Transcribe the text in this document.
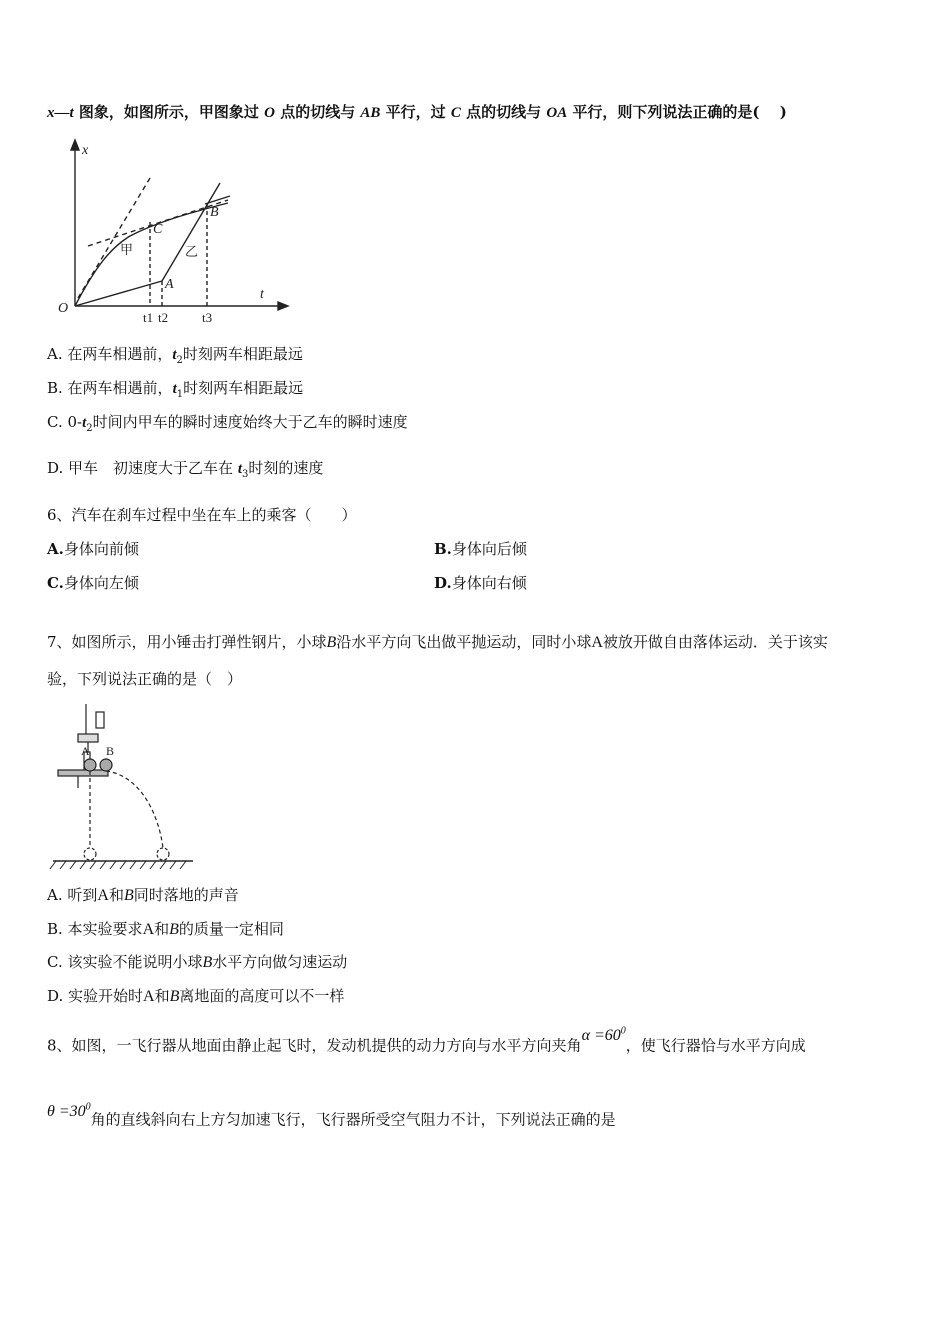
x—t 图象，如图所示，甲图象过 O 点的切线与 AB 平行，过 C 点的切线与 OA 平行，则下列说法正确的是(　 )
x
t
O
A
B
C
甲	乙
t1 t2	t3
A. 在两车相遇前，$t_2$时刻两车相距最远
B. 在两车相遇前，$t_1$时刻两车相距最远
C. $0-t_2$时间内甲车的瞬时速度始终大于乙车的瞬时速度
D. 甲车　初速度大于乙车在 $t_3$时刻的速度
6、汽车在刹车过程中坐在车上的乘客（　　）
A.身体向前倾	B.身体向后倾
C.身体向左倾	D.身体向右倾
7、如图所示，用小锤击打弹性钢片，小球B沿水平方向飞出做平抛运动，同时小球A被放开做自由落体运动．关于该实
验，下列说法正确的是（　）
A B
A. 听到A和B同时落地的声音
B. 本实验要求A和B的质量一定相同
C. 该实验不能说明小球B水平方向做匀速运动
D. 实验开始时A和B离地面的高度可以不一样
8、如图，一飞行器从地面由静止起飞时，发动机提供的动力方向与水平方向夹角$\alpha =60^0$，使飞行器恰与水平方向成
$\theta =30^0$角的直线斜向右上方匀加速飞行，飞行器所受空气阻力不计，下列说法正确的是
